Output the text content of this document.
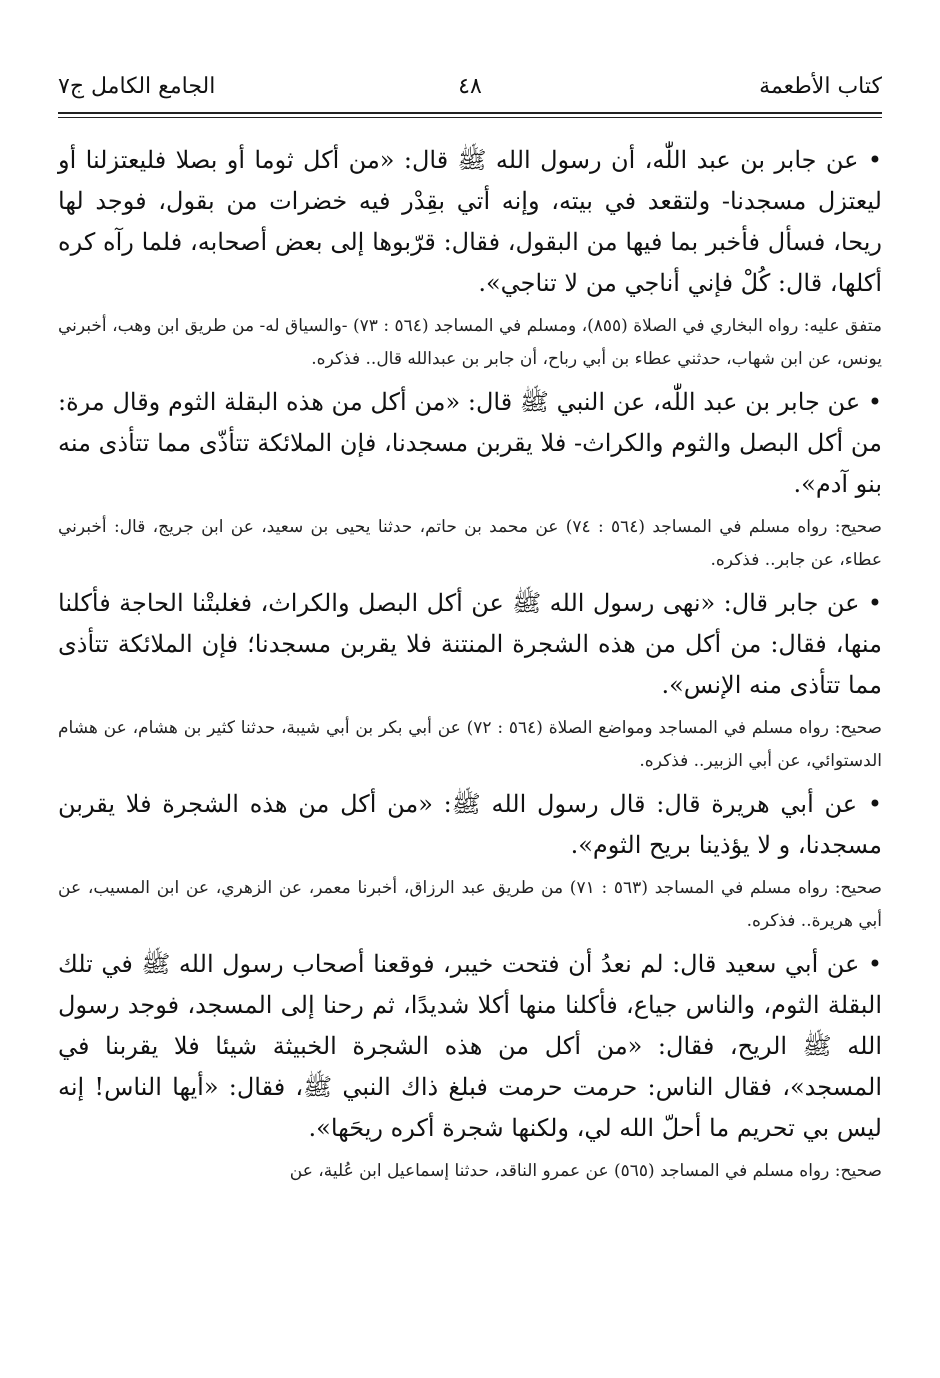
كتاب الأطعمة
٤٨
الجامع الكامل ج٧

• عن جابر بن عبد اللّٰه، أن رسول الله ﷺ قال: «من أكل ثوما أو بصلا فليعتزلنا أو ليعتزل مسجدنا- ولتقعد في بيته، وإنه أتي بقِدْر فيه خضرات من بقول، فوجد لها ريحا، فسأل فأخبر بما فيها من البقول، فقال: قرّبوها إلى بعض أصحابه، فلما رآه كره أكلها، قال: كُلْ فإني أناجي من لا تناجي».

متفق عليه: رواه البخاري في الصلاة (٨٥٥)، ومسلم في المساجد (٥٦٤ : ٧٣) -والسياق له- من طريق ابن وهب، أخبرني يونس، عن ابن شهاب، حدثني عطاء بن أبي رباح، أن جابر بن عبدالله قال.. فذكره.

• عن جابر بن عبد اللّٰه، عن النبي ﷺ قال: «من أكل من هذه البقلة الثوم وقال مرة: من أكل البصل والثوم والكراث- فلا يقربن مسجدنا، فإن الملائكة تتأذّى مما تتأذى منه بنو آدم».

صحيح: رواه مسلم في المساجد (٥٦٤ : ٧٤) عن محمد بن حاتم، حدثنا يحيى بن سعيد، عن ابن جريج، قال: أخبرني عطاء، عن جابر.. فذكره.

• عن جابر قال: «نهى رسول الله ﷺ عن أكل البصل والكراث، فغلبتْنا الحاجة فأكلنا منها، فقال: من أكل من هذه الشجرة المنتنة فلا يقربن مسجدنا؛ فإن الملائكة تتأذى مما تتأذى منه الإنس».

صحيح: رواه مسلم في المساجد ومواضع الصلاة (٥٦٤ : ٧٢) عن أبي بكر بن أبي شيبة، حدثنا كثير بن هشام، عن هشام الدستوائي، عن أبي الزبير.. فذكره.

• عن أبي هريرة قال: قال رسول الله ﷺ: «من أكل من هذه الشجرة فلا يقربن مسجدنا، و لا يؤذينا بريح الثوم».

صحيح: رواه مسلم في المساجد (٥٦٣ : ٧١) من طريق عبد الرزاق، أخبرنا معمر، عن الزهري، عن ابن المسيب، عن أبي هريرة.. فذكره.

• عن أبي سعيد قال: لم نعدُ أن فتحت خيبر، فوقعنا أصحاب رسول الله ﷺ في تلك البقلة الثوم، والناس جياع، فأكلنا منها أكلا شديدًا، ثم رحنا إلى المسجد، فوجد رسول الله ﷺ الريح، فقال: «من أكل من هذه الشجرة الخبيثة شيئا فلا يقربنا في المسجد»، فقال الناس: حرمت حرمت فبلغ ذاك النبي ﷺ، فقال: «أيها الناس! إنه ليس بي تحريم ما أحلّ الله لي، ولكنها شجرة أكره ريحَها».

صحيح: رواه مسلم في المساجد (٥٦٥) عن عمرو الناقد، حدثنا إسماعيل ابن عُلية، عن
